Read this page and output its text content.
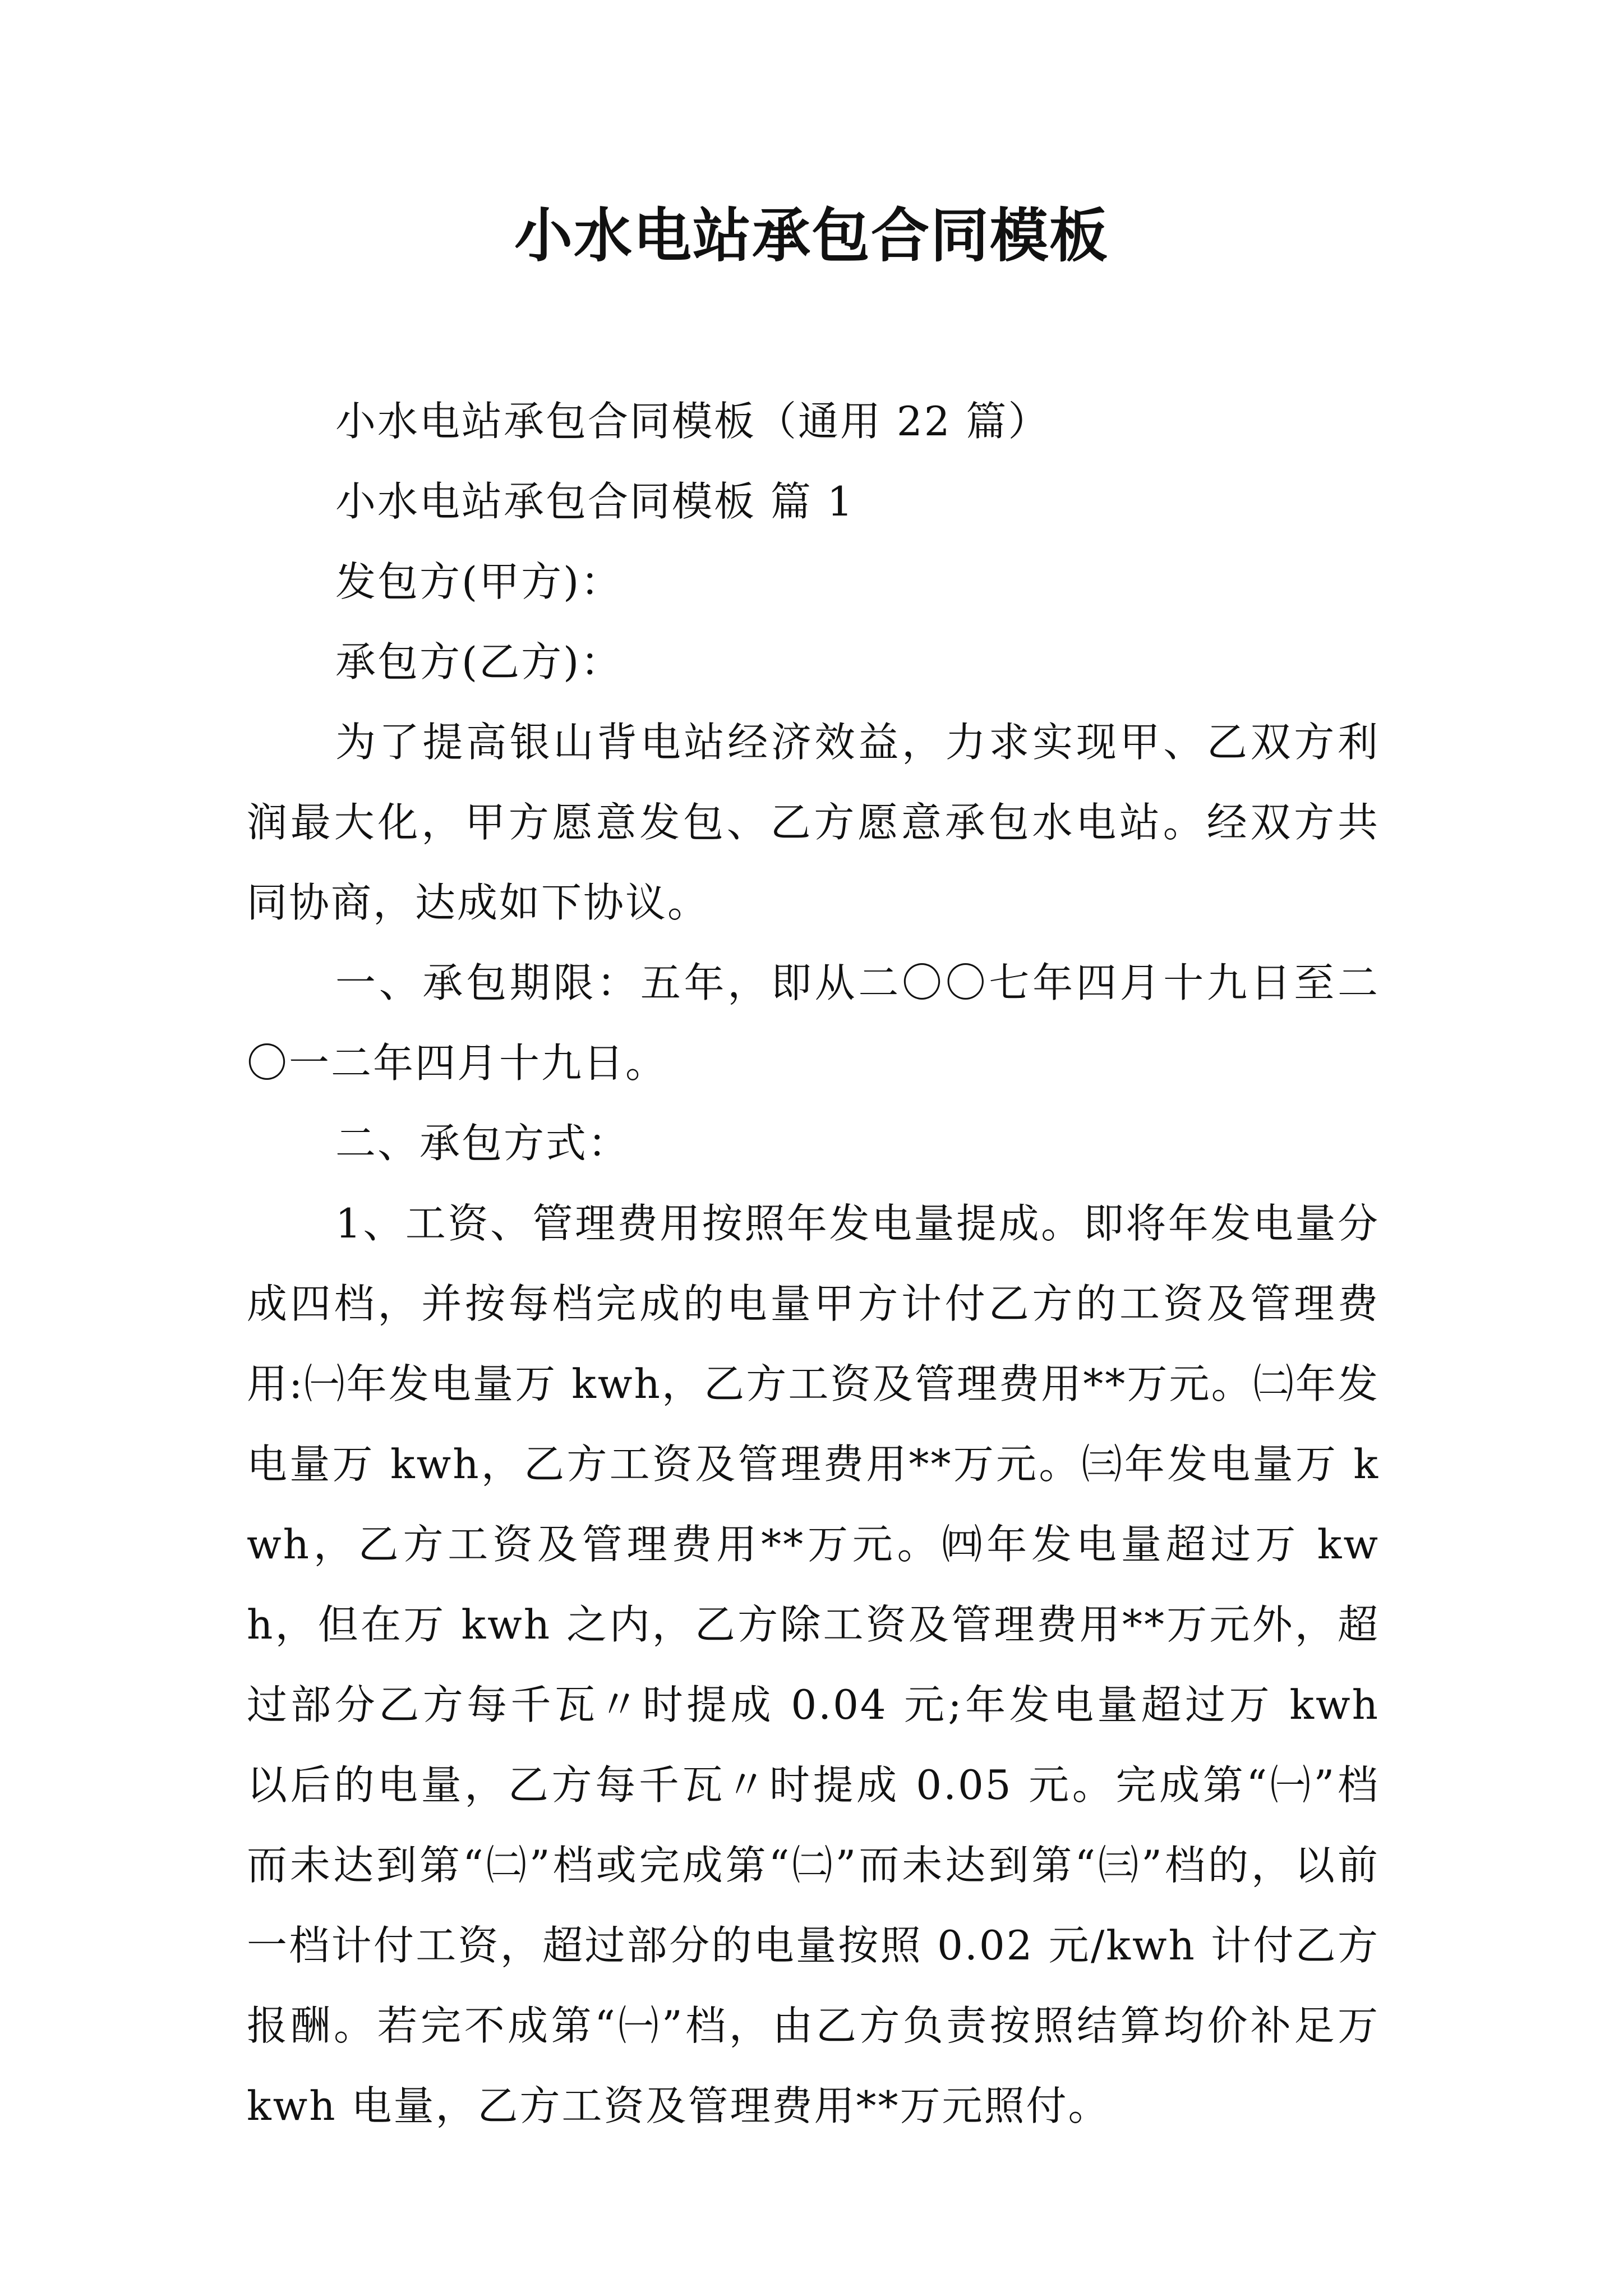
小水电站承包合同模板

小水电站承包合同模板（通用 22 篇）

小水电站承包合同模板 篇 1

发包方(甲方)：

承包方(乙方)：

为了提高银山背电站经济效益，力求实现甲、乙双方利润最大化，甲方愿意发包、乙方愿意承包水电站。经双方共同协商，达成如下协议。

一、承包期限：五年，即从二〇〇七年四月十九日至二〇一二年四月十九日。

二、承包方式：

1、工资、管理费用按照年发电量提成。即将年发电量分成四档，并按每档完成的电量甲方计付乙方的工资及管理费用:㈠年发电量万 kwh，乙方工资及管理费用**万元。㈡年发电量万 kwh，乙方工资及管理费用**万元。㈢年发电量万 kwh，乙方工资及管理费用**万元。㈣年发电量超过万 kwh，但在万 kwh 之内，乙方除工资及管理费用**万元外，超过部分乙方每千瓦〃时提成 0.04 元;年发电量超过万 kwh 以后的电量，乙方每千瓦〃时提成 0.05 元。完成第“㈠”档而未达到第“㈡”档或完成第“㈡”而未达到第“㈢”档的，以前一档计付工资，超过部分的电量按照 0.02 元/kwh 计付乙方报酬。若完不成第“㈠”档，由乙方负责按照结算均价补足万 kwh 电量，乙方工资及管理费用**万元照付。
